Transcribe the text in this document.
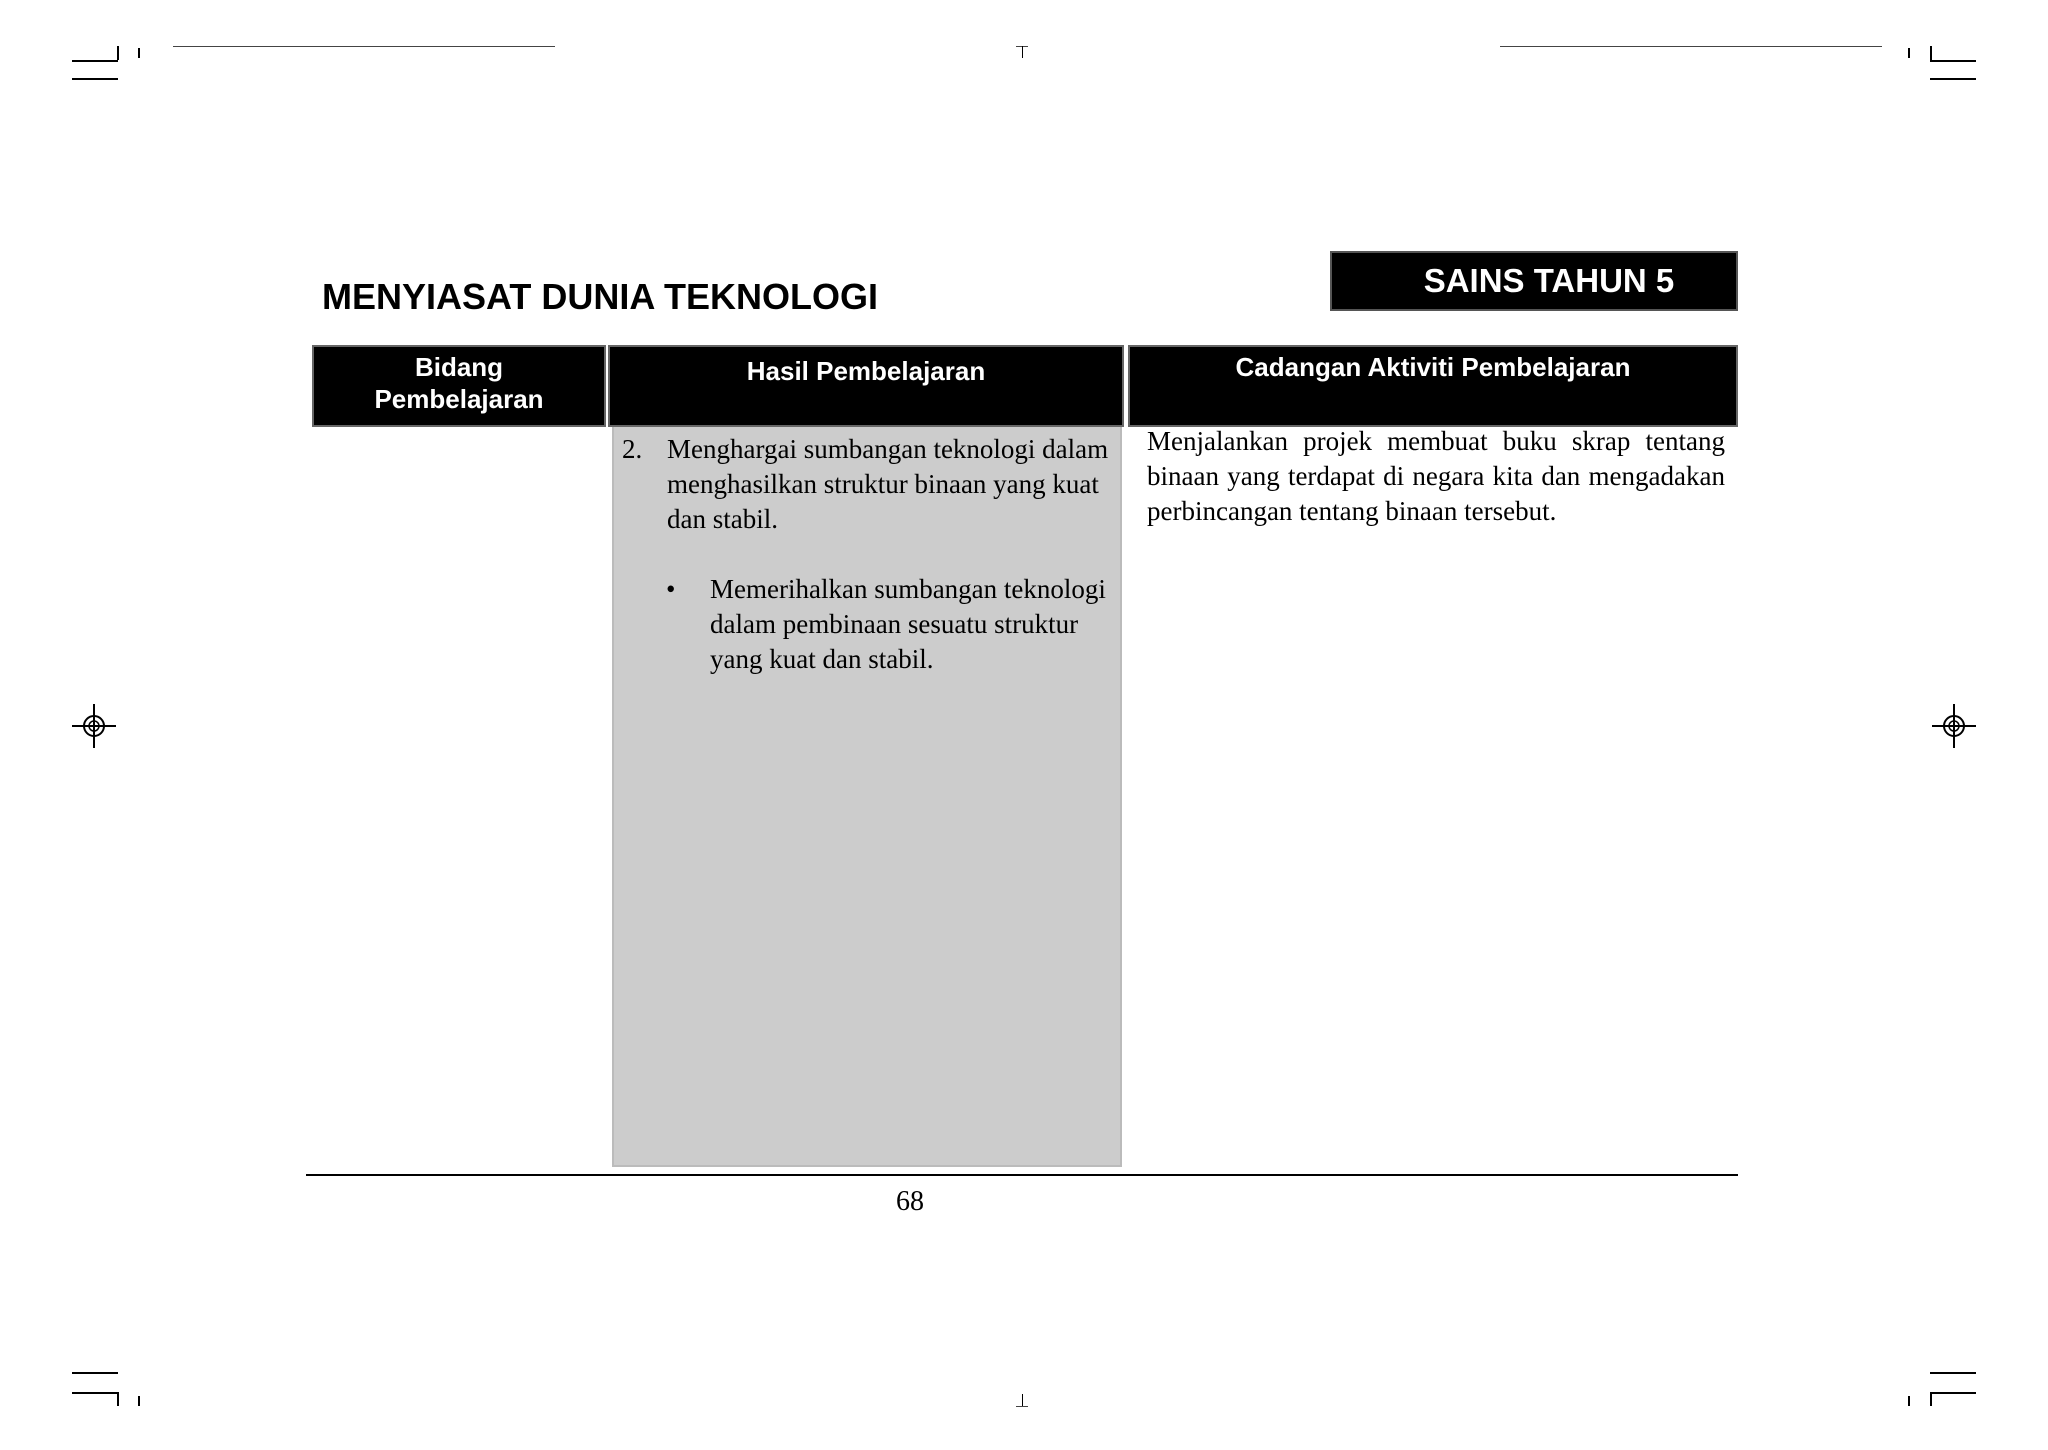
MENYIASAT DUNIA TEKNOLOGI	SAINS TAHUN 5
Bidang
Pembelajaran
Hasil Pembelajaran	Cadangan Aktiviti Pembelajaran
2. Menghargai sumbangan teknologi dalam menghasilkan struktur binaan yang kuat dan stabil.
• Memerihalkan sumbangan teknologi dalam pembinaan sesuatu struktur yang kuat dan stabil.
Menjalankan projek membuat buku skrap tentang binaan yang terdapat di negara kita dan mengadakan perbincangan tentang binaan tersebut.
68
